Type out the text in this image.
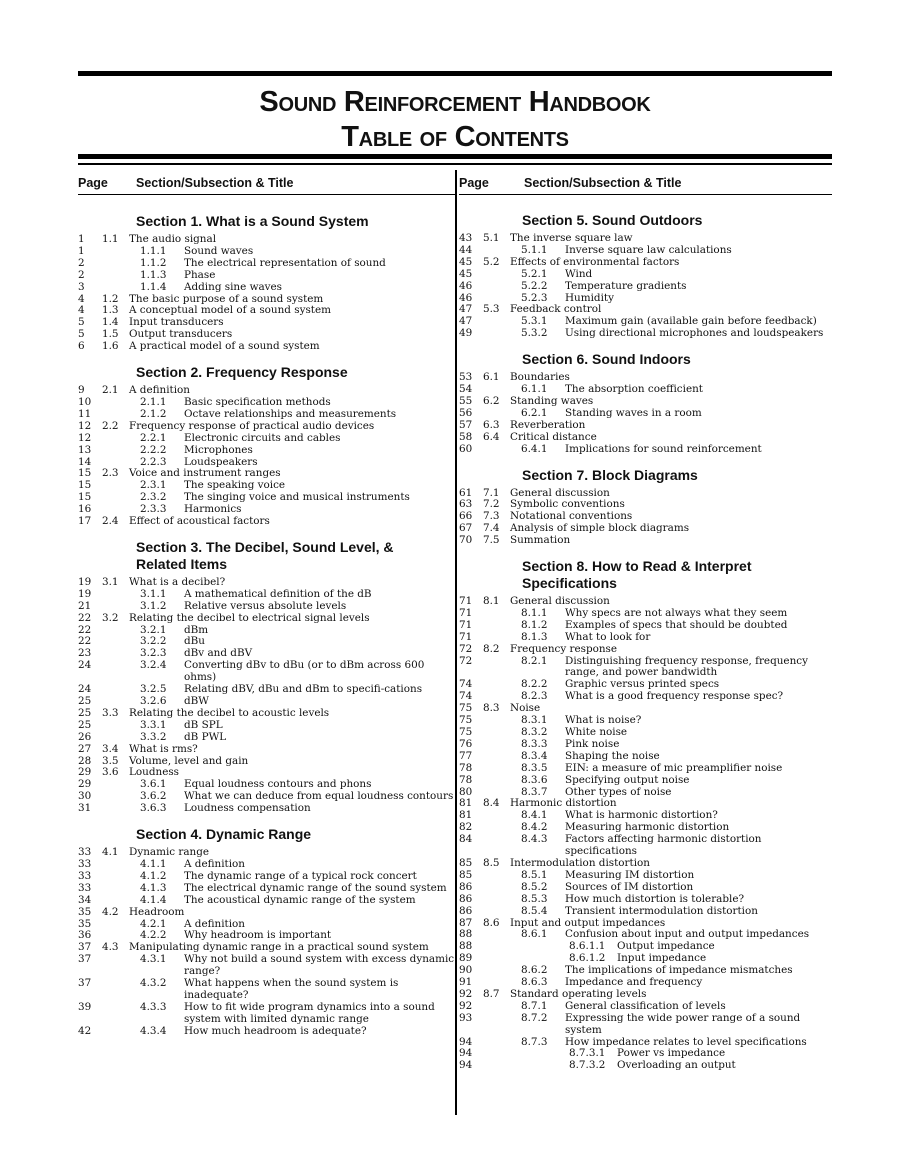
Sound Reinforcement Handbook
Table of Contents
Page	Section/Subsection & Title
Section 1. What is a Sound System
1	1.1	The audio signal
1	1.1.1	Sound waves
2	1.1.2	The electrical representation of sound
2	1.1.3	Phase
3	1.1.4	Adding sine waves
4	1.2	The basic purpose of a sound system
4	1.3	A conceptual model of a sound system
5	1.4	Input transducers
5	1.5	Output transducers
6	1.6	A practical model of a sound system
Section 2. Frequency Response
9	2.1	A definition
10	2.1.1	Basic specification methods
11	2.1.2	Octave relationships and measurements
12	2.2	Frequency response of practical audio devices
12	2.2.1	Electronic circuits and cables
13	2.2.2	Microphones
14	2.2.3	Loudspeakers
15	2.3	Voice and instrument ranges
15	2.3.1	The speaking voice
15	2.3.2	The singing voice and musical instruments
16	2.3.3	Harmonics
17	2.4	Effect of acoustical factors
Section 3. The Decibel, Sound Level, & Related Items
19	3.1	What is a decibel?
19	3.1.1	A mathematical definition of the dB
21	3.1.2	Relative versus absolute levels
22	3.2	Relating the decibel to electrical signal levels
22	3.2.1	dBm
22	3.2.2	dBu
23	3.2.3	dBv and dBV
24	3.2.4	Converting dBv to dBu (or to dBm across 600 ohms)
24	3.2.5	Relating dBV, dBu and dBm to specifi-cations
25	3.2.6	dBW
25	3.3	Relating the decibel to acoustic levels
25	3.3.1	dB SPL
26	3.3.2	dB PWL
27	3.4	What is rms?
28	3.5	Volume, level and gain
29	3.6	Loudness
29	3.6.1	Equal loudness contours and phons
30	3.6.2	What we can deduce from equal loudness contours
31	3.6.3	Loudness compensation
Section 4. Dynamic Range
33	4.1	Dynamic range
33	4.1.1	A definition
33	4.1.2	The dynamic range of a typical rock concert
33	4.1.3	The electrical dynamic range of the sound system
34	4.1.4	The acoustical dynamic range of the system
35	4.2	Headroom
35	4.2.1	A definition
36	4.2.2	Why headroom is important
37	4.3	Manipulating dynamic range in a practical sound system
37	4.3.1	Why not build a sound system with excess dynamic range?
37	4.3.2	What happens when the sound system is inadequate?
39	4.3.3	How to fit wide program dynamics into a sound system with limited dynamic range
42	4.3.4	How much headroom is adequate?
Page	Section/Subsection & Title
Section 5. Sound Outdoors
43	5.1	The inverse square law
44	5.1.1	Inverse square law calculations
45	5.2	Effects of environmental factors
45	5.2.1	Wind
46	5.2.2	Temperature gradients
46	5.2.3	Humidity
47	5.3	Feedback control
47	5.3.1	Maximum gain (available gain before feedback)
49	5.3.2	Using directional microphones and loudspeakers
Section 6. Sound Indoors
53	6.1	Boundaries
54	6.1.1	The absorption coefficient
55	6.2	Standing waves
56	6.2.1	Standing waves in a room
57	6.3	Reverberation
58	6.4	Critical distance
60	6.4.1	Implications for sound reinforcement
Section 7. Block Diagrams
61	7.1	General discussion
63	7.2	Symbolic conventions
66	7.3	Notational conventions
67	7.4	Analysis of simple block diagrams
70	7.5	Summation
Section 8. How to Read & Interpret Specifications
71	8.1	General discussion
71	8.1.1	Why specs are not always what they seem
71	8.1.2	Examples of specs that should be doubted
71	8.1.3	What to look for
72	8.2	Frequency response
72	8.2.1	Distinguishing frequency response, frequency range, and power bandwidth
74	8.2.2	Graphic versus printed specs
74	8.2.3	What is a good frequency response spec?
75	8.3	Noise
75	8.3.1	What is noise?
75	8.3.2	White noise
76	8.3.3	Pink noise
77	8.3.4	Shaping the noise
78	8.3.5	EIN: a measure of mic preamplifier noise
78	8.3.6	Specifying output noise
80	8.3.7	Other types of noise
81	8.4	Harmonic distortion
81	8.4.1	What is harmonic distortion?
82	8.4.2	Measuring harmonic distortion
84	8.4.3	Factors affecting harmonic distortion specifications
85	8.5	Intermodulation distortion
85	8.5.1	Measuring IM distortion
86	8.5.2	Sources of IM distortion
86	8.5.3	How much distortion is tolerable?
86	8.5.4	Transient intermodulation distortion
87	8.6	Input and output impedances
88	8.6.1	Confusion about input and output impedances
88	8.6.1.1	Output impedance
89	8.6.1.2	Input impedance
90	8.6.2	The implications of impedance mismatches
91	8.6.3	Impedance and frequency
92	8.7	Standard operating levels
92	8.7.1	General classification of levels
93	8.7.2	Expressing the wide power range of a sound system
94	8.7.3	How impedance relates to level specifications
94	8.7.3.1	Power vs impedance
94	8.7.3.2	Overloading an output
